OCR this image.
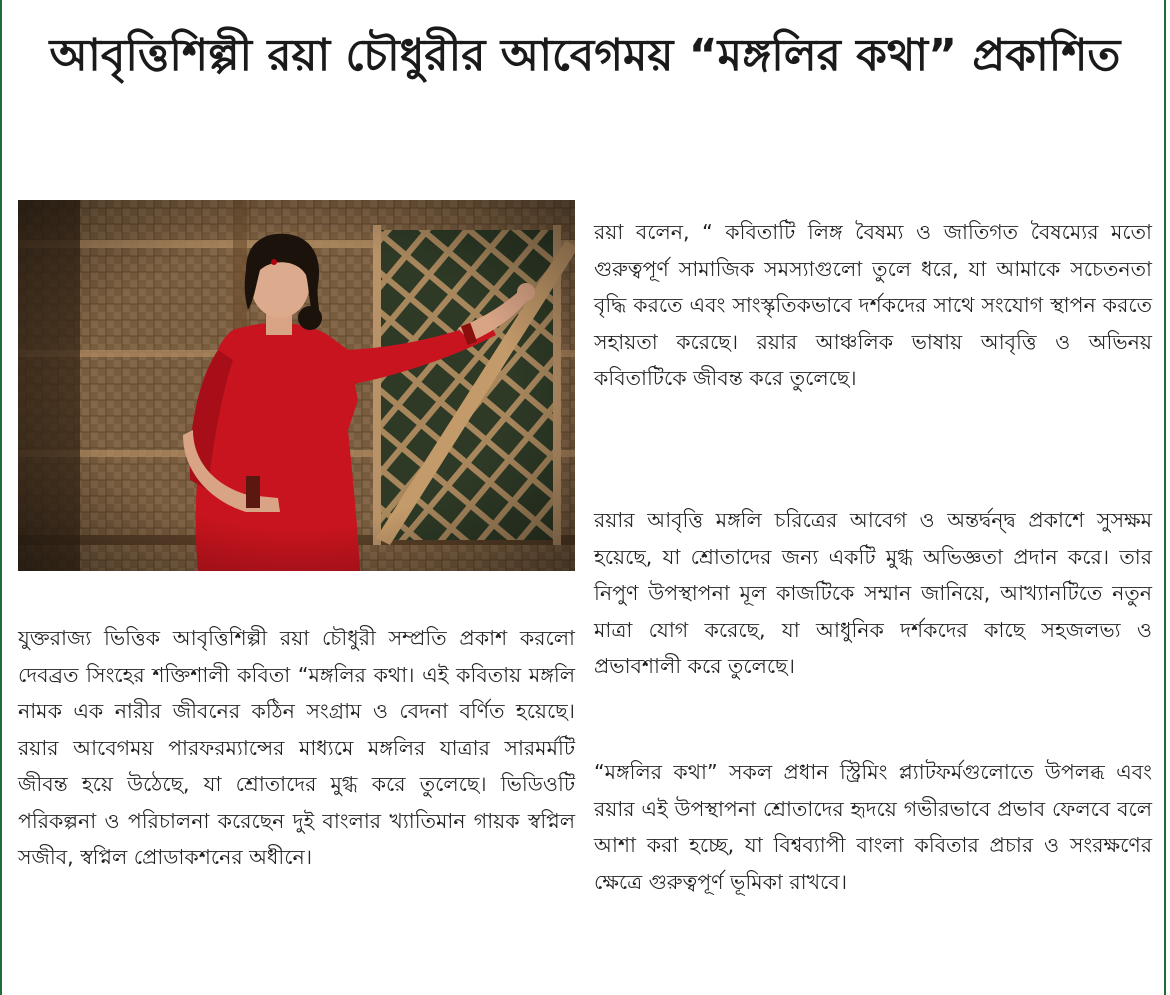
আবৃত্তিশিল্পী রয়া চৌধুরীর আবেগময় “মঙ্গলির কথা” প্রকাশিত

যুক্তরাজ্য ভিত্তিক আবৃত্তিশিল্পী রয়া চৌধুরী সম্প্রতি প্রকাশ করলো দেবব্রত সিংহের শক্তিশালী কবিতা “মঙ্গলির কথা। এই কবিতায় মঙ্গলি নামক এক নারীর জীবনের কঠিন সংগ্রাম ও বেদনা বর্ণিত হয়েছে। রয়ার আবেগময় পারফরম্যান্সের মাধ্যমে মঙ্গলির যাত্রার সারমর্মটি জীবন্ত হয়ে উঠেছে, যা শ্রোতাদের মুগ্ধ করে তুলেছে। ভিডিওটি পরিকল্পনা ও পরিচালনা করেছেন দুই বাংলার খ্যাতিমান গায়ক স্বপ্নিল সজীব, স্বপ্নিল প্রোডাকশনের অধীনে।

রয়া বলেন, “ কবিতাটি লিঙ্গ বৈষম্য ও জাতিগত বৈষম্যের মতো গুরুত্বপূর্ণ সামাজিক সমস্যাগুলো তুলে ধরে, যা আমাকে সচেতনতা বৃদ্ধি করতে এবং সাংস্কৃতিকভাবে দর্শকদের সাথে সংযোগ স্থাপন করতে সহায়তা করেছে। রয়ার আঞ্চলিক ভাষায় আবৃত্তি ও অভিনয় কবিতাটিকে জীবন্ত করে তুলেছে।

রয়ার আবৃত্তি মঙ্গলি চরিত্রের আবেগ ও অন্তর্দ্বন্দ্ব প্রকাশে সুসক্ষম হয়েছে, যা শ্রোতাদের জন্য একটি মুগ্ধ অভিজ্ঞতা প্রদান করে। তার নিপুণ উপস্থাপনা মূল কাজটিকে সম্মান জানিয়ে, আখ্যানটিতে নতুন মাত্রা যোগ করেছে, যা আধুনিক দর্শকদের কাছে সহজলভ্য ও প্রভাবশালী করে তুলেছে।

“মঙ্গলির কথা” সকল প্রধান স্ট্রিমিং প্ল্যাটফর্মগুলোতে উপলব্ধ এবং রয়ার এই উপস্থাপনা শ্রোতাদের হৃদয়ে গভীরভাবে প্রভাব ফেলবে বলে আশা করা হচ্ছে, যা বিশ্বব্যাপী বাংলা কবিতার প্রচার ও সংরক্ষণের ক্ষেত্রে গুরুত্বপূর্ণ ভূমিকা রাখবে।
